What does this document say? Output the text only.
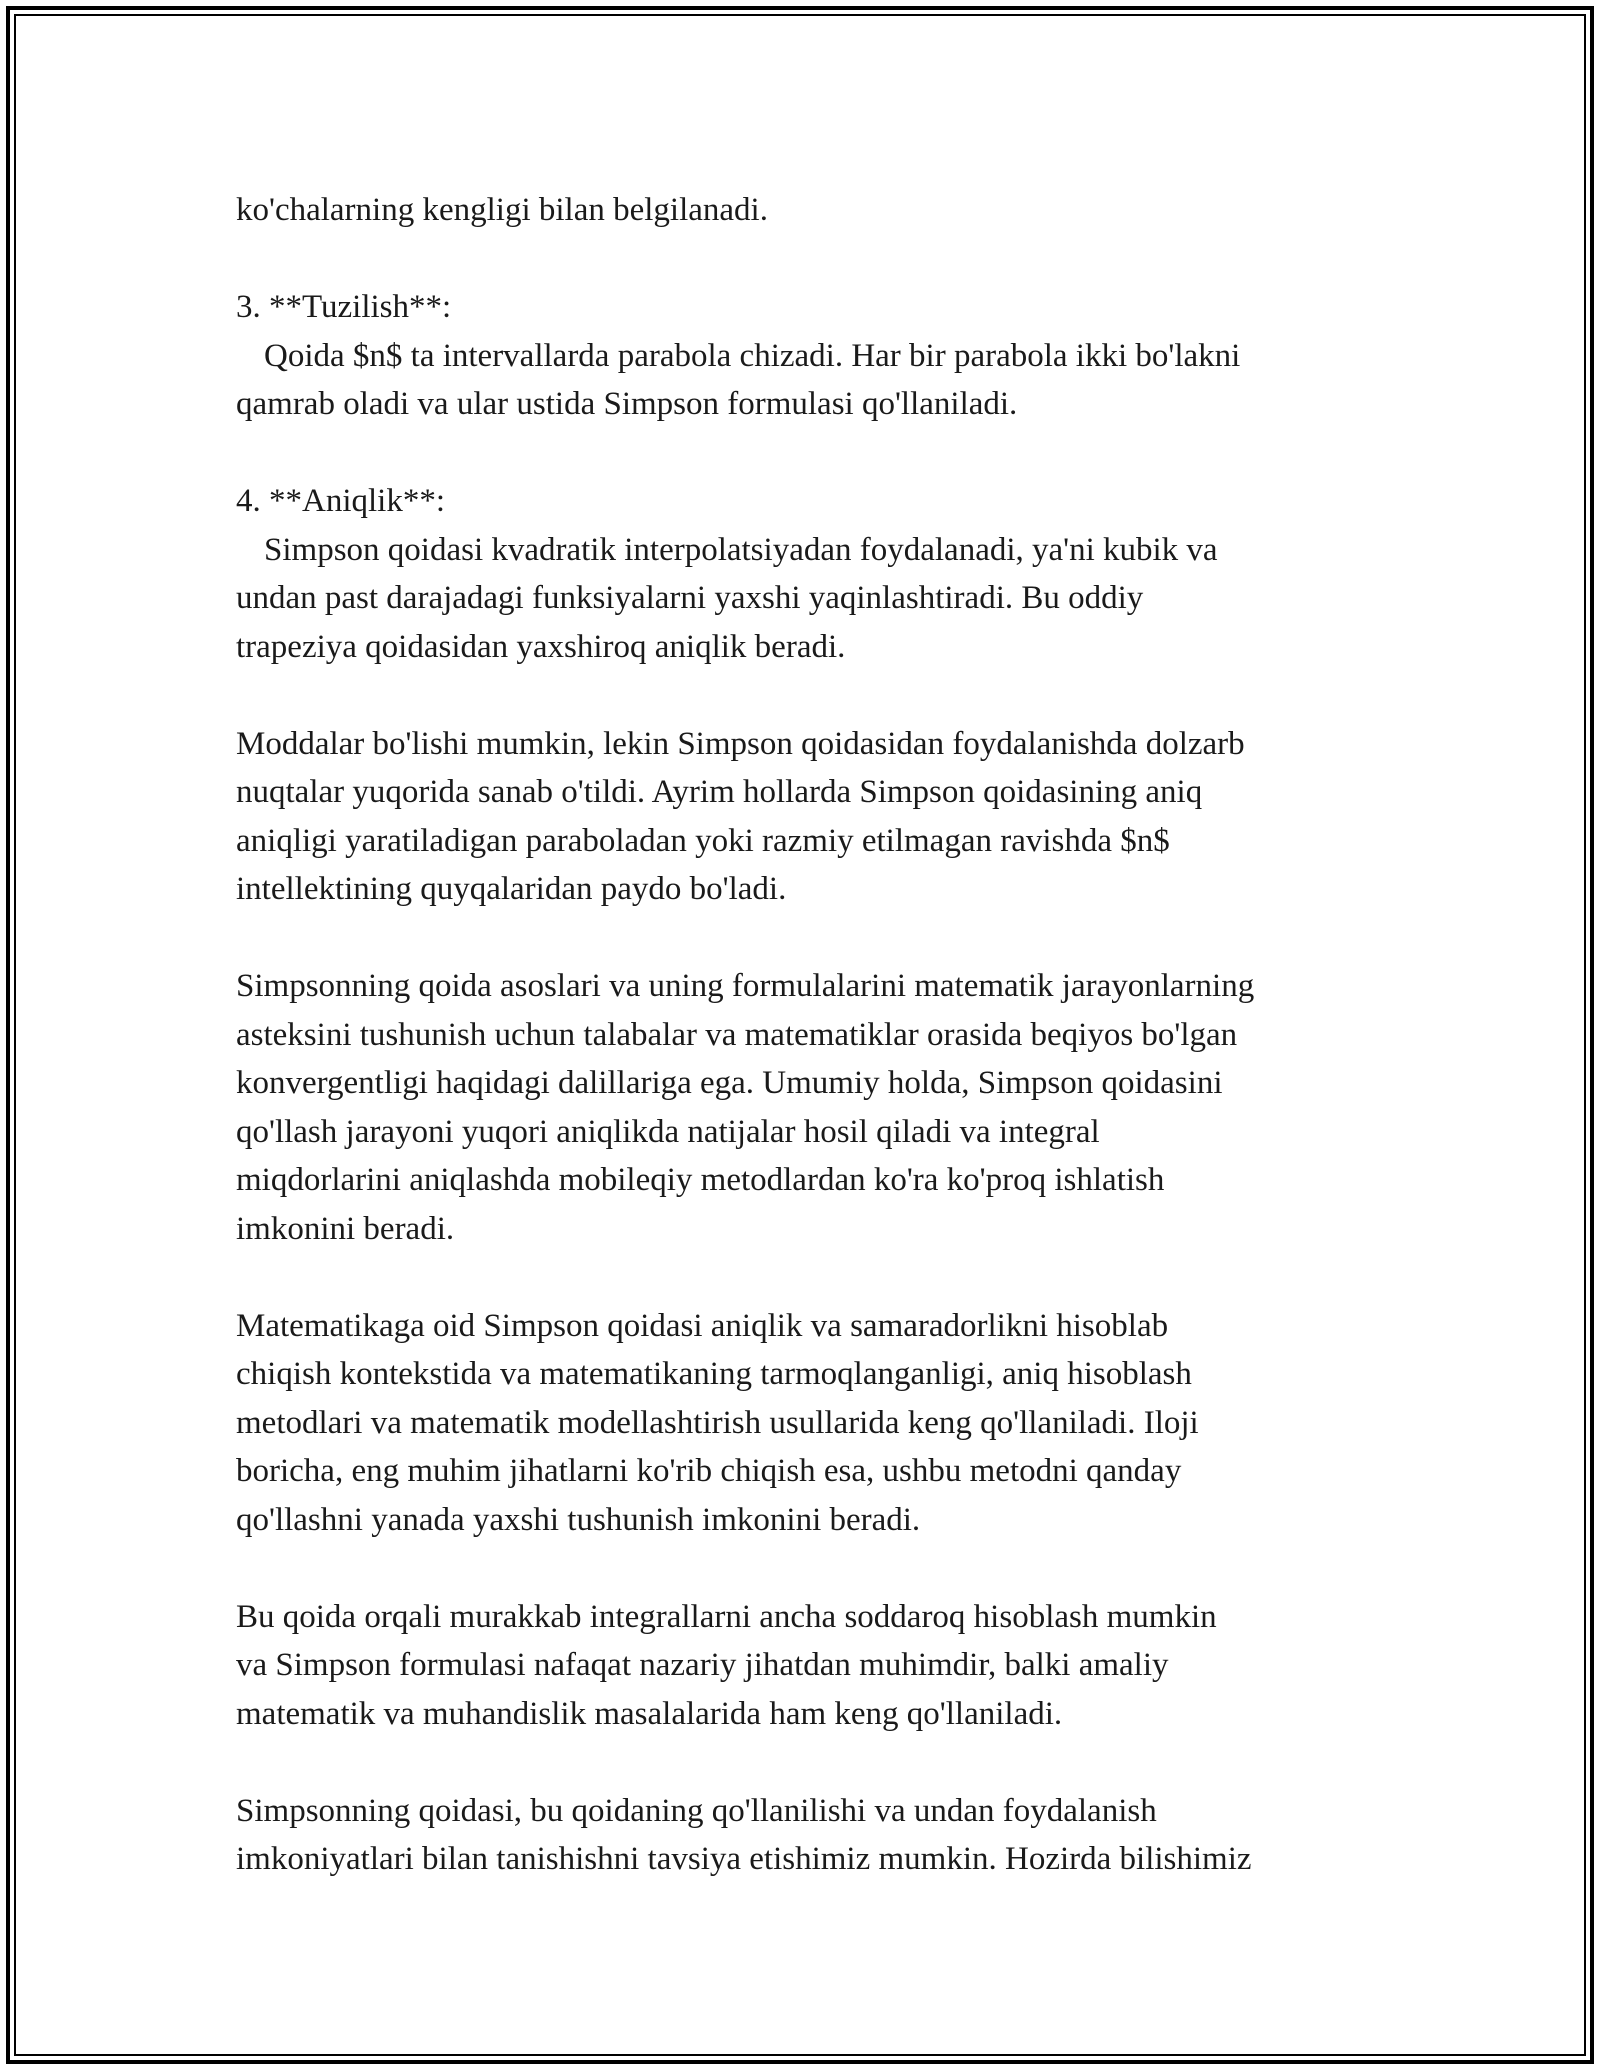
ko'chalarning kengligi bilan belgilanadi.
3. **Tuzilish**:
Qoida $n$ ta intervallarda parabola chizadi. Har bir parabola ikki bo'lakni
qamrab oladi va ular ustida Simpson formulasi qo'llaniladi.
4. **Aniqlik**:
Simpson qoidasi kvadratik interpolatsiyadan foydalanadi, ya'ni kubik va
undan past darajadagi funksiyalarni yaxshi yaqinlashtiradi. Bu oddiy
trapeziya qoidasidan yaxshiroq aniqlik beradi.
Moddalar bo'lishi mumkin, lekin Simpson qoidasidan foydalanishda dolzarb
nuqtalar yuqorida sanab o'tildi. Ayrim hollarda Simpson qoidasining aniq
aniqligi yaratiladigan paraboladan yoki razmiy etilmagan ravishda $n$
intellektining quyqalaridan paydo bo'ladi.
Simpsonning qoida asoslari va uning formulalarini matematik jarayonlarning
asteksini tushunish uchun talabalar va matematiklar orasida beqiyos bo'lgan
konvergentligi haqidagi dalillariga ega. Umumiy holda, Simpson qoidasini
qo'llash jarayoni yuqori aniqlikda natijalar hosil qiladi va integral
miqdorlarini aniqlashda mobileqiy metodlardan ko'ra ko'proq ishlatish
imkonini beradi.
Matematikaga oid Simpson qoidasi aniqlik va samaradorlikni hisoblab
chiqish kontekstida va matematikaning tarmoqlanganligi, aniq hisoblash
metodlari va matematik modellashtirish usullarida keng qo'llaniladi. Iloji
boricha, eng muhim jihatlarni ko'rib chiqish esa, ushbu metodni qanday
qo'llashni yanada yaxshi tushunish imkonini beradi.
Bu qoida orqali murakkab integrallarni ancha soddaroq hisoblash mumkin
va Simpson formulasi nafaqat nazariy jihatdan muhimdir, balki amaliy
matematik va muhandislik masalalarida ham keng qo'llaniladi.
Simpsonning qoidasi, bu qoidaning qo'llanilishi va undan foydalanish
imkoniyatlari bilan tanishishni tavsiya etishimiz mumkin. Hozirda bilishimiz
